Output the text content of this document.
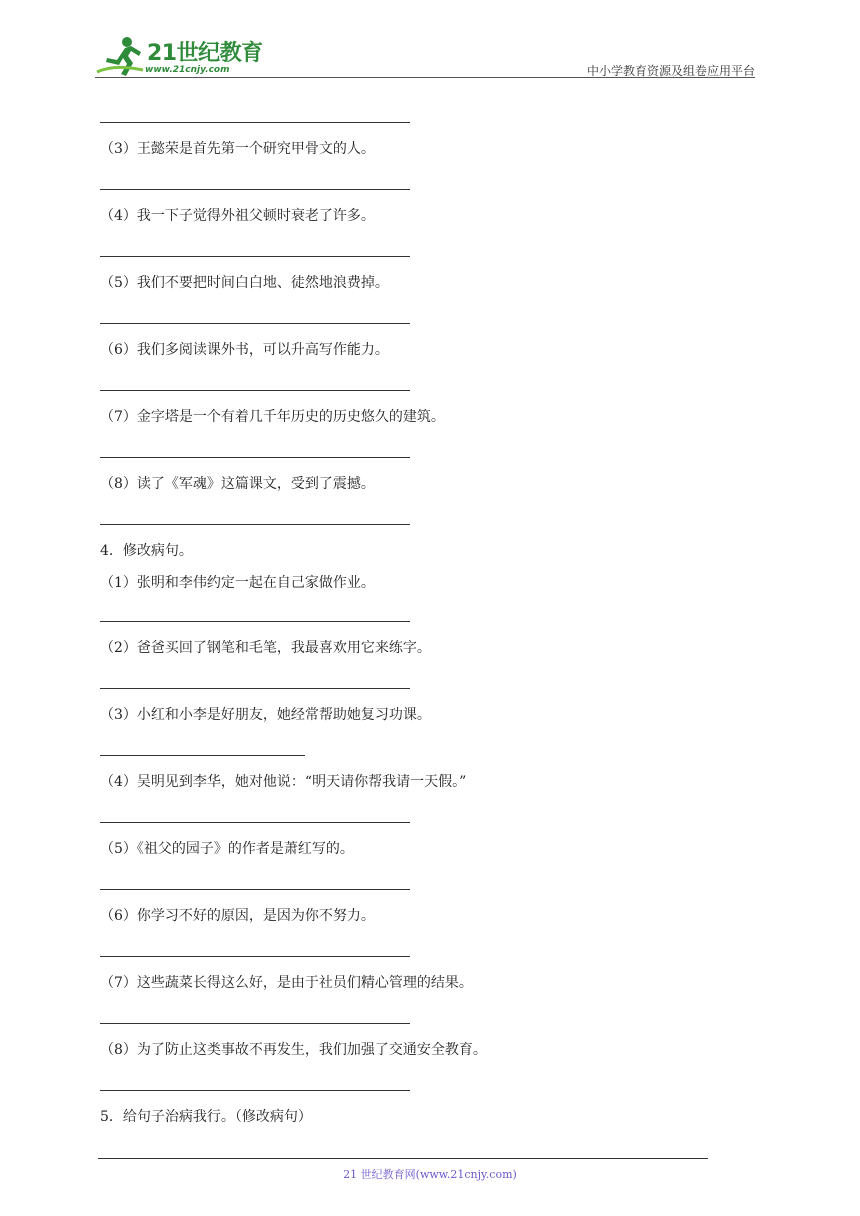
21世纪教育
www.21cnjy.com	中小学教育资源及组卷应用平台
（3）王懿荣是首先第一个研究甲骨文的人。
（4）我一下子觉得外祖父顿时衰老了许多。
（5）我们不要把时间白白地、徒然地浪费掉。
（6）我们多阅读课外书，可以升高写作能力。
（7）金字塔是一个有着几千年历史的历史悠久的建筑。
（8）读了《军魂》这篇课文，受到了震撼。
4．修改病句。
（1）张明和李伟约定一起在自己家做作业。
（2）爸爸买回了钢笔和毛笔，我最喜欢用它来练字。
（3）小红和小李是好朋友，她经常帮助她复习功课。
（4）吴明见到李华，她对他说：“明天请你帮我请一天假。”
（5）《祖父的园子》的作者是萧红写的。
（6）你学习不好的原因，是因为你不努力。
（7）这些蔬菜长得这么好，是由于社员们精心管理的结果。
（8）为了防止这类事故不再发生，我们加强了交通安全教育。
5．给句子治病我行。（修改病句）
21 世纪教育网(www.21cnjy.com)
